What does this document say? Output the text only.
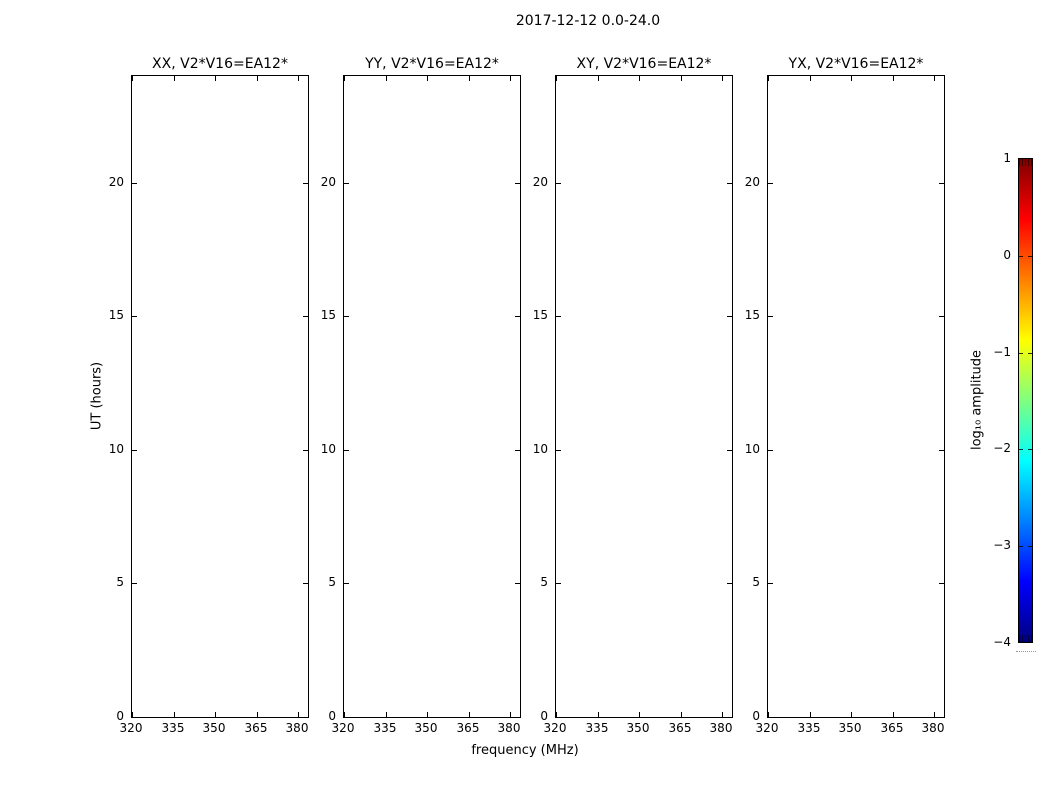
2017-12-12 0.0-24.0
XX, V2*V16=EA12*
320	335	350	365	380
0
5
10
15
20
YY, V2*V16=EA12*
320	335	350	365	380
0
5
10
15
20
XY, V2*V16=EA12*
320	335	350	365	380
0
5
10
15
20
YX, V2*V16=EA12*
320	335	350	365	380
0
5
10
15
20
frequency (MHz)
UT (hours)	log₁₀ amplitude
1
0
−1
−2
−3
−4
